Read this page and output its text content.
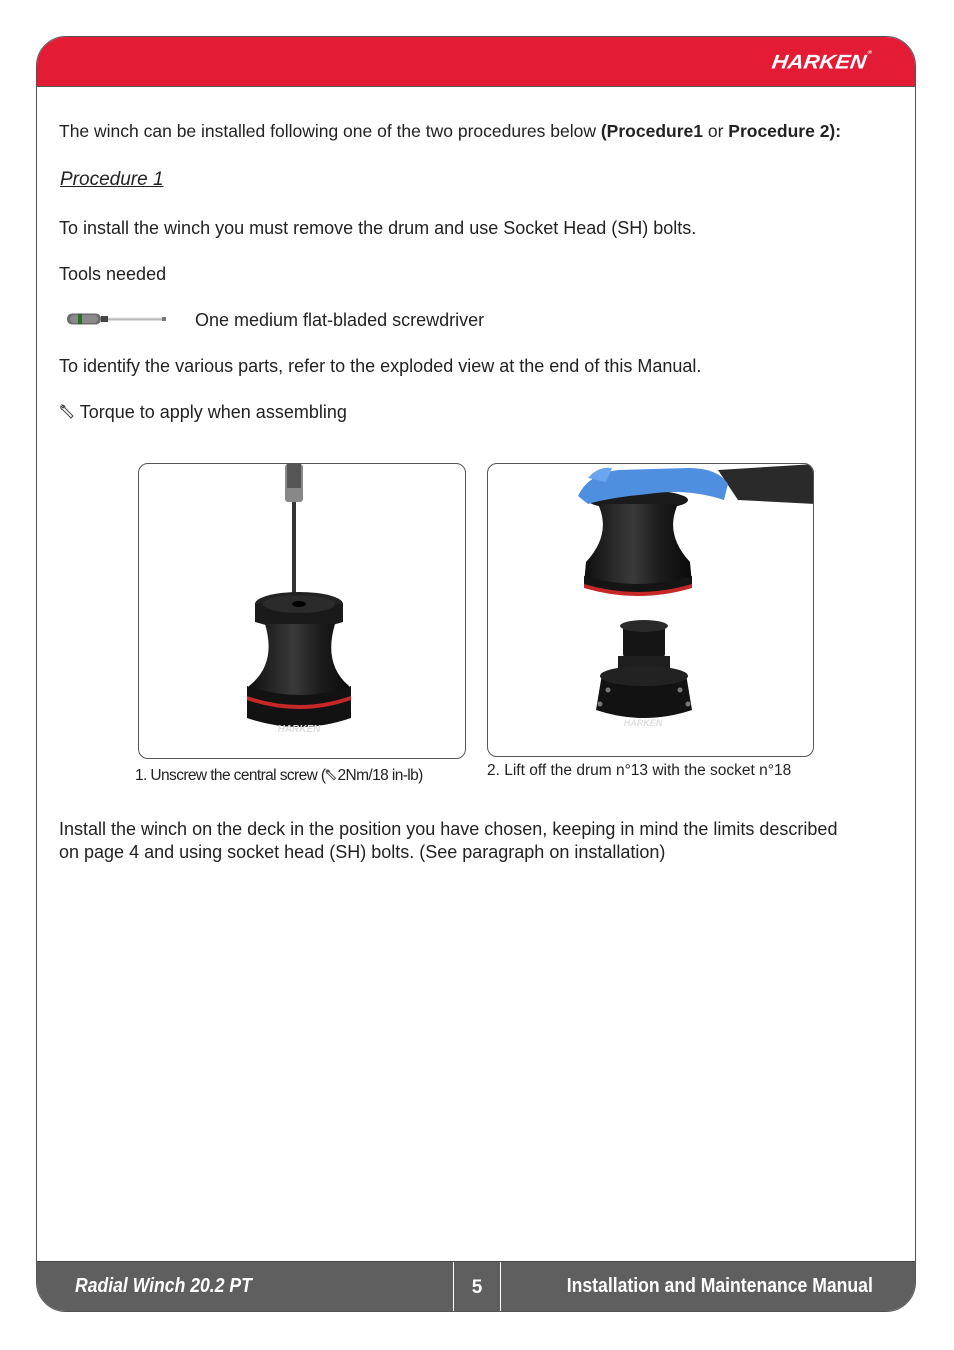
HARKEN®
Radial Winch 20.2 PT	5	Installation and Maintenance Manual
The winch can be installed following one of the two procedures below (Procedure1 or Procedure 2):
Procedure 1
To install the winch you must remove the drum and use Socket Head (SH) bolts.
Tools needed
One medium flat-bladed screwdriver
To identify the various parts, refer to the exploded view at the end of this Manual.
Torque to apply when assembling
HARKEN
1. Unscrew the central screw ( 2Nm/18 in-lb)
HARKEN
2. Lift off the drum n°13 with the socket n°18
Install the winch on the deck in the position you have chosen, keeping in mind the limits described
on page 4 and using socket head (SH) bolts. (See paragraph on installation)
